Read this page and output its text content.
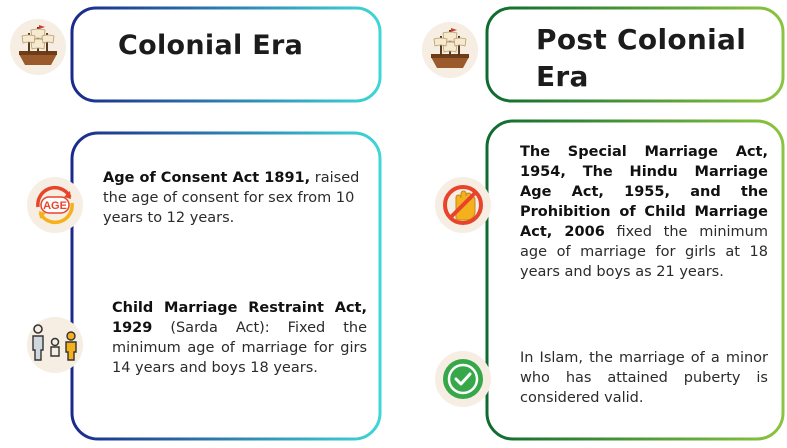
Colonial Era	Post Colonial Era
AGE
Age of Consent Act 1891, raised the age of consent for sex from 10 years to 12 years.
Child Marriage Restraint Act, 1929 (Sarda Act): Fixed the minimum age of marriage for girs 14 years and boys 18 years.
The Special Marriage Act, 1954, The Hindu Marriage Age Act, 1955, and the Prohibition of Child Marriage Act, 2006 fixed the minimum age of marriage for girls at 18 years and boys as 21 years.
In Islam, the marriage of a minor who has attained puberty is considered valid.
